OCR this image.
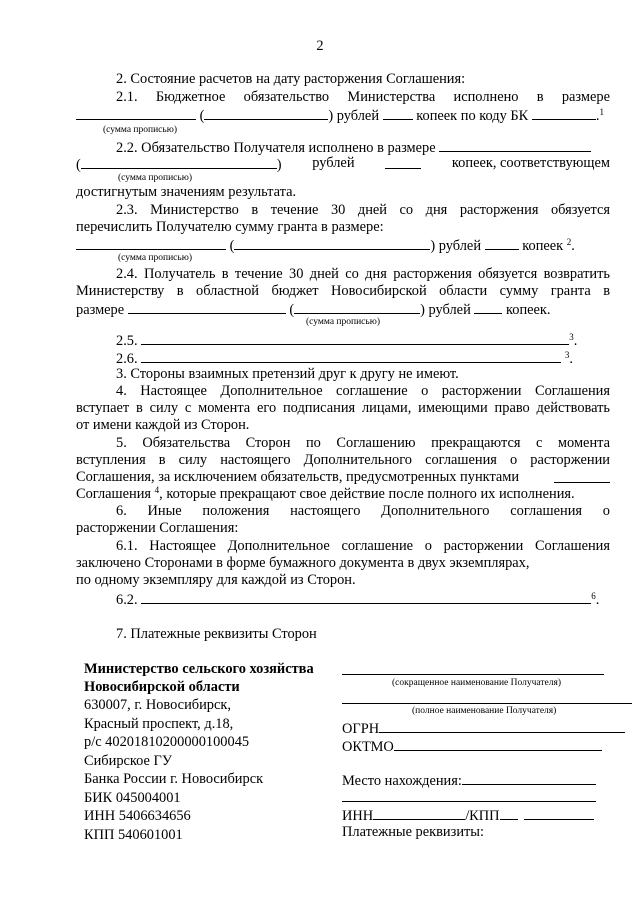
2
2. Состояние расчетов на дату расторжения Соглашения:
2.1. Бюджетное обязательство Министерства исполнено в размере
(	) рублей	копеек по коду БК	.$^1$
(сумма прописью)
2.2. Обязательство Получателя исполнено в размере
(	) рублей	копеек, соответствующем
(сумма прописью)
достигнутым значениям результата.
2.3. Министерство в течение 30 дней со дня расторжения обязуется
перечислить Получателю сумму гранта в размере:
(	) рублей	копеек $^2$.
(сумма прописью)
2.4. Получатель в течение 30 дней со дня расторжения обязуется возвратить
Министерству в областной бюджет Новосибирской области сумму гранта в
размере	(	) рублей копеек.
(сумма прописью)
2.5.	$^3$.
2.6.	$^3$.
3. Стороны взаимных претензий друг к другу не имеют.
4. Настоящее Дополнительное соглашение о расторжении Соглашения
вступает в силу с момента его подписания лицами, имеющими право действовать
от имени каждой из Сторон.
5. Обязательства Сторон по Соглашению прекращаются с момента
вступления в силу настоящего Дополнительного соглашения о расторжении
Соглашения, за исключением обязательств, предусмотренных пунктами
Соглашения $^4$, которые прекращают свое действие после полного их исполнения.
6. Иные положения настоящего Дополнительного соглашения о
расторжении Соглашения:
6.1. Настоящее Дополнительное соглашение о расторжении Соглашения
заключено Сторонами в форме бумажного документа в двух экземплярах,
по одному экземпляру для каждой из Сторон.
6.2.	$^6$.
7. Платежные реквизиты Сторон
Министерство сельского хозяйства
Новосибирской области
630007, г. Новосибирск,
Красный проспект, д.18,
р/с 40201810200000100045
Сибирское ГУ
Банка России г. Новосибирск
БИК 045004001
ИНН 5406634656
КПП 540601001
(сокращенное наименование Получателя)
(полное наименование Получателя)
ОГРН
ОКТМО
Место нахождения:
ИНН	/КПП
Платежные реквизиты:
